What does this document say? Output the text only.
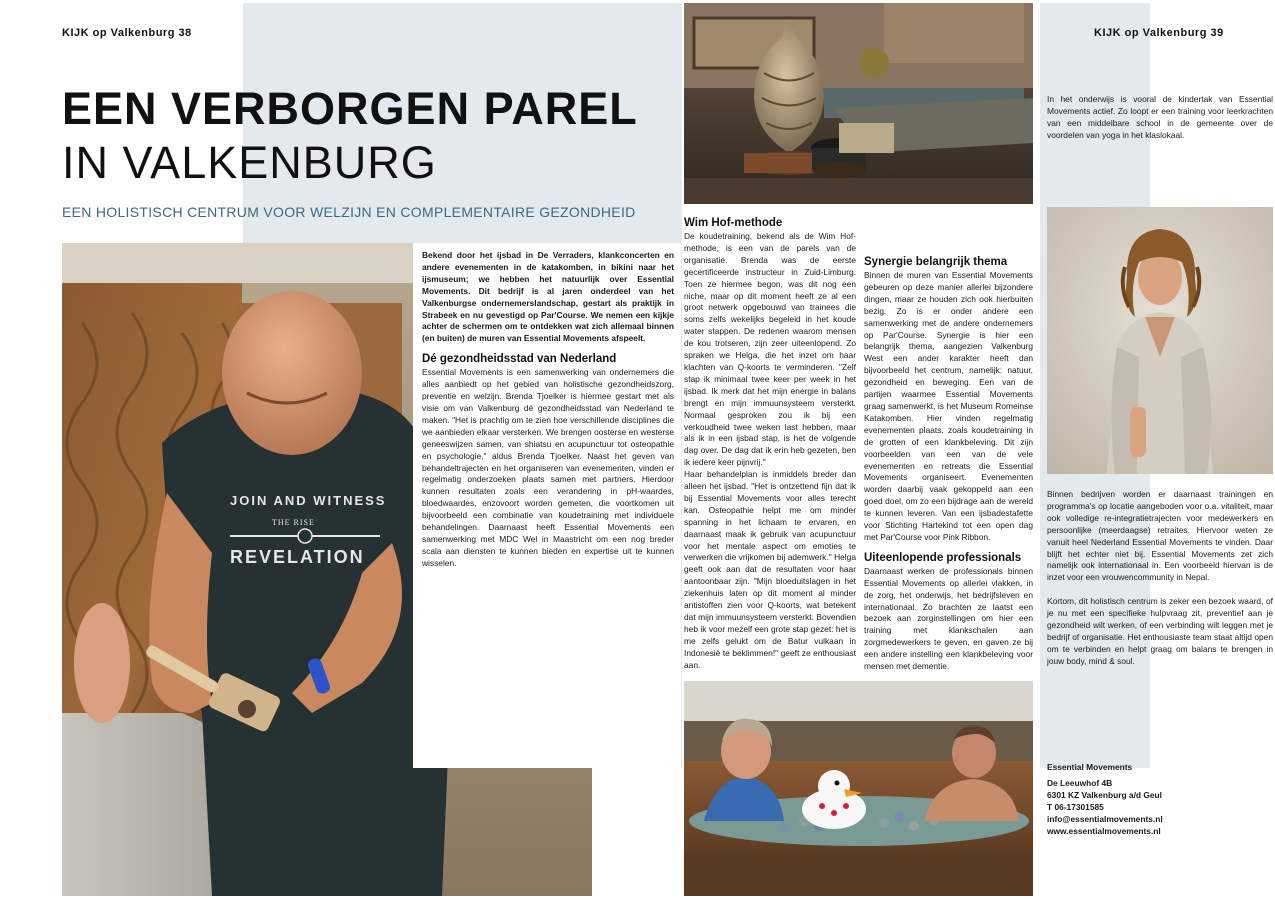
KIJK op Valkenburg 38	KIJK op Valkenburg 39
EEN VERBORGEN PAREL
IN VALKENBURG
EEN HOLISTISCH CENTRUM VOOR WELZIJN EN COMPLEMENTAIRE GEZONDHEID
JOIN AND WITNESS
THE RISE
REVELATION

Bekend door het ijsbad in De Verraders, klankconcerten en andere evenementen in de katakomben, in bikini naar het ijsmuseum; we hebben het natuurlijk over Essential Movements. Dit bedrijf is al jaren onderdeel van het Valkenburgse ondernemerslandschap, gestart als praktijk in Strabeek en nu gevestigd op Par'Course. We nemen een kijkje achter de schermen om te ontdekken wat zich allemaal binnen (en buiten) de muren van Essential Movements afspeelt.

Dé gezondheidsstad van Nederland

Essential Movements is een samenwerking van ondernemers die alles aanbiedt op het gebied van holistische gezondheidszorg, preventie en welzijn. Brenda Tjoelker is hiermee gestart met als visie om van Valkenburg dé gezondheidsstad van Nederland te maken. "Het is prachtig om te zien hoe verschillende disciplines die we aanbieden elkaar versterken. We brengen oosterse en westerse geneeswijzen samen, van shiatsu en acupunctuur tot osteopathie en psychologie," aldus Brenda Tjoelker. Naast het geven van behandeltrajecten en het organiseren van evenementen, vinden er regelmatig onderzoeken plaats samen met partners. Hierdoor kunnen resultaten zoals een verandering in pH-waardes, bloedwaardes, enzovoort worden gemeten, die voortkomen uit bijvoorbeeld een combinatie van koudetraining met individuele behandelingen. Daarnaast heeft Essential Movements een samenwerking met MDC Wel in Maastricht om een nog breder scala aan diensten te kunnen bieden en expertise uit te kunnen wisselen.

Wim Hof-methode

De koudetraining, bekend als de Wim Hof-methode, is een van de parels van de organisatie. Brenda was de eerste gecertificeerde instructeur in Zuid-Limburg. Toen ze hiermee begon, was dit nog een niche, maar op dit moment heeft ze al een groot netwerk opgebouwd van trainees die soms zelfs wekelijks begeleid in het koude water stappen. De redenen waarom mensen de kou trotseren, zijn zeer uiteenlopend. Zo spraken we Helga, die het inzet om haar klachten van Q-koorts te verminderen. "Zelf stap ik minimaal twee keer per week in het ijsbad. Ik merk dat het mijn energie in balans brengt en mijn immuunsysteem versterkt. Normaal gesproken zou ik bij een verkoudheid twee weken last hebben, maar als ik in een ijsbad stap, is het de volgende dag over. De dag dat ik erin heb gezeten, ben ik iedere keer pijnvrij."

Haar behandelplan is inmiddels breder dan alleen het ijsbad. "Het is ontzettend fijn dat ik bij Essential Movements voor alles terecht kan. Osteopathie helpt me om minder spanning in het lichaam te ervaren, en daarnaast maak ik gebruik van acupunctuur voor het mentale aspect om emoties te verwerken die vrijkomen bij ademwerk." Helga geeft ook aan dat de resultaten voor haar aantoonbaar zijn. "Mijn bloeduitslagen in het ziekenhuis laten op dit moment al minder antistoffen zien voor Q-koorts, wat betekent dat mijn immuunsysteem versterkt. Bovendien heb ik voor mezelf een grote stap gezet: het is me zelfs gelukt om de Batur vulkaan in Indonesië te beklimmen!" geeft ze enthousiast aan.

Synergie belangrijk thema

Binnen de muren van Essential Movements gebeuren op deze manier allerlei bijzondere dingen, maar ze houden zich ook hierbuiten bezig. Zo is er onder andere een samenwerking met de andere ondernemers op Par'Course. Synergie is hier een belangrijk thema, aangezien Valkenburg West een ander karakter heeft dan bijvoorbeeld het centrum, namelijk: natuur, gezondheid en beweging. Een van de partijen waarmee Essential Movements graag samenwerkt, is het Museum Romeinse Katakomben. Hier vinden regelmatig evenementen plaats, zoals koudetraining in de grotten of een klankbeleving. Dit zijn voorbeelden van een van de vele evenementen en retreats die Essential Movements organiseert. Evenementen worden daarbij vaak gekoppeld aan een goed doel, om zo een bijdrage aan de wereld te kunnen leveren. Van een ijsbadestafette voor Stichting Hartekind tot een open dag met Par'Course voor Pink Ribbon.

Uiteenlopende professionals

Daarnaast werken de professionals binnen Essential Movements op allerlei vlakken, in de zorg, het onderwijs, het bedrijfsleven en internationaal. Zo brachten ze laatst een bezoek aan zorginstellingen om hier een training met klankschalen aan zorgmedewerkers te geven, en gaven ze bij een andere instelling een klankbeleving voor mensen met dementie.

In het onderwijs is vooral de kindertak van Essential Movements actief. Zo loopt er een training voor leerkrachten van een middelbare school in de gemeente over de voordelen van yoga in het klaslokaal.

Binnen bedrijven worden er daarnaast trainingen en programma's op locatie aangeboden voor o.a. vitaliteit, maar ook volledige re-integratietrajecten voor medewerkers en persoonlijke (meerdaagse) retraites. Hiervoor weten ze vanuit heel Nederland Essential Movements te vinden. Daar blijft het echter niet bij. Essential Movements zet zich namelijk ook internationaal in. Een voorbeeld hiervan is de inzet voor een vrouwencommunity in Nepal.

Kortom, dit holistisch centrum is zeker een bezoek waard, of je nu met een specifieke hulpvraag zit, preventief aan je gezondheid wilt werken, of een verbinding wilt leggen met je bedrijf of organisatie. Het enthousiaste team staat altijd open om te verbinden en helpt graag om balans te brengen in jouw body, mind & soul.

Essential Movements
De Leeuwhof 4B
6301 KZ Valkenburg a/d Geul
T 06-17301585
info@essentialmovements.nl
www.essentialmovements.nl
